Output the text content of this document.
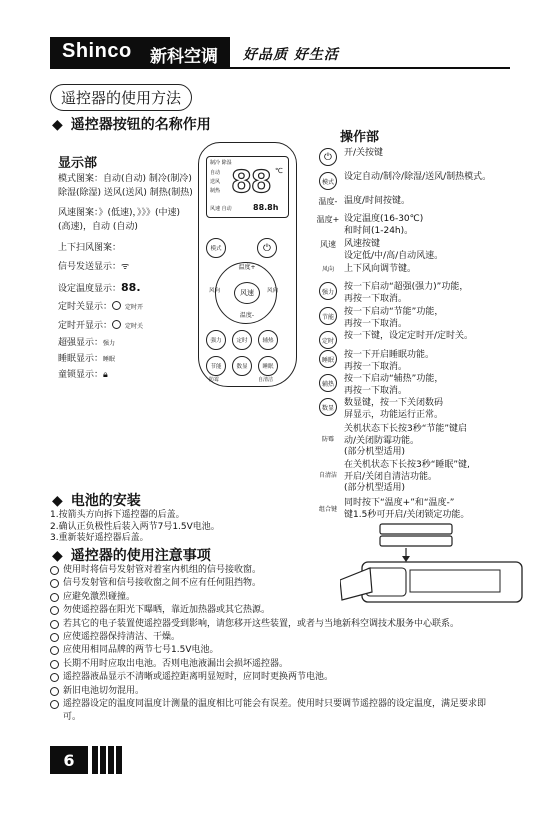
Shinco 新科空调 好品质 好生活
遥控器的使用方法
◆ 遥控器按钮的名称作用
显示部
模式图案：自动(自动) 制冷(制冷)
除湿(除湿) 送风(送风) 制热(制热)
风速图案：》(低速)，》》》(中速)
(高速)，自动 (自动)
上下扫风图案：
信号发送显示：ᯤ
设定温度显示：88.
定时关显示： 定时开
定时开显示： 定时关
超强显示：强力
睡眠显示：睡眠
童锁显示：🔒︎
制冷 除湿
自动
送风
制热 88 ℃
风速 自动	88.8h
模式	⏻
温度+
温度-
风速
风向	风向
强力	定时	辅热
节能	数显	睡眠
防霉	自清洁
操作部
⏻	开/关按键
模式	设定自动/制冷/除湿/送风/制热模式。
温度- 温度/时间按键。
温度+ 设定温度(16-30℃)
和时间(1-24h)。
风速 风速按键
设定低/中/高/自动风速。
风向	上下风向调节键。
强力	按一下启动“超强(强力)”功能，
再按一下取消。
节能	按一下启动“节能”功能，
再按一下取消。
定时	按一下键，设定定时开/定时关。
睡眠	按一下开启睡眠功能。
再按一下取消。
辅热	按一下启动“辅热”功能，
再按一下取消。
数显	数显键，按一下关闭数码
屏显示，功能运行正常。
防霉
关机状态下长按3秒“节能”键启
动/关闭防霉功能。
(部分机型适用)
自清洁
在关机状态下长按3秒“睡眠”键,
开启/关闭自清洁功能。
(部分机型适用)
组合键
同时按下“温度+”和“温度-”
键1.5秒可开启/关闭锁定功能。
◆ 电池的安装
1.按箭头方向拆下遥控器的后盖。
2.确认正负极性后装入两节7号1.5V电池。
3.重新装好遥控器后盖。
◆ 遥控器的使用注意事项
使用时将信号发射管对着室内机组的信号接收窗。
信号发射管和信号接收窗之间不应有任何阻挡物。
应避免激烈碰撞。
勿使遥控器在阳光下曝晒，靠近加热器或其它热源。
若其它的电子装置使遥控器受到影响，请您移开这些装置，或者与当地新科空调技术服务中心联系。
应使遥控器保持清洁、干燥。
应使用相同品牌的两节七号1.5V电池。
长期不用时应取出电池。否则电池液漏出会损坏遥控器。
遥控器液晶显示不清晰或遥控距离明显短时，应同时更换两节电池。
新旧电池切勿混用。
遥控器设定的温度同温度计测量的温度相比可能会有误差。使用时只要调节遥控器的设定温度，满足要求即可。
6
